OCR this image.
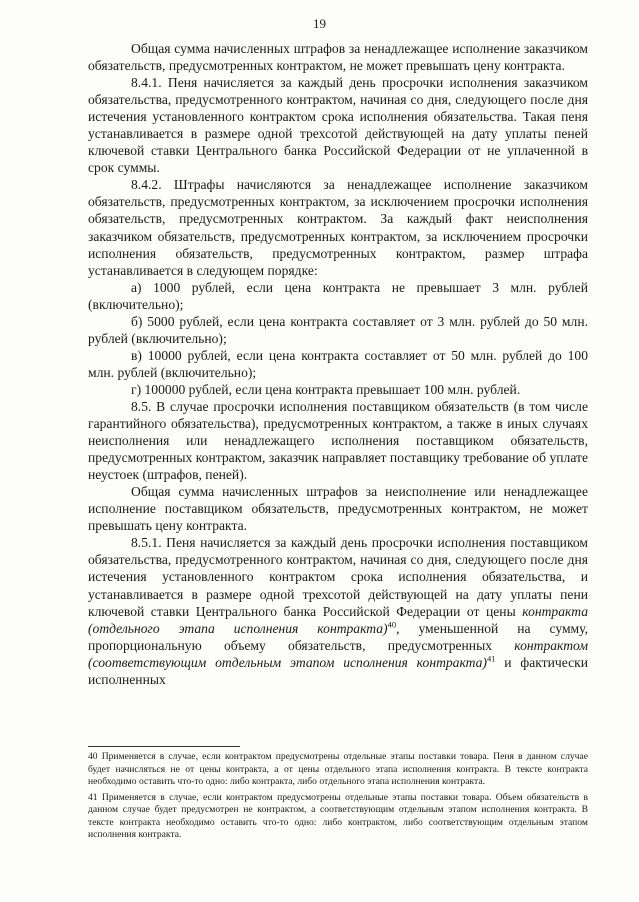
19

Общая сумма начисленных штрафов за ненадлежащее исполнение заказчиком обязательств, предусмотренных контрактом, не может превышать цену контракта.

8.4.1. Пеня начисляется за каждый день просрочки исполнения заказчиком обязательства, предусмотренного контрактом, начиная со дня, следующего после дня истечения установленного контрактом срока исполнения обязательства. Такая пеня устанавливается в размере одной трехсотой действующей на дату уплаты пеней ключевой ставки Центрального банка Российской Федерации от не уплаченной в срок суммы.

8.4.2. Штрафы начисляются за ненадлежащее исполнение заказчиком обязательств, предусмотренных контрактом, за исключением просрочки исполнения обязательств, предусмотренных контрактом. За каждый факт неисполнения заказчиком обязательств, предусмотренных контрактом, за исключением просрочки исполнения обязательств, предусмотренных контрактом, размер штрафа устанавливается в следующем порядке:

а) 1000 рублей, если цена контракта не превышает 3 млн. рублей (включительно);

б) 5000 рублей, если цена контракта составляет от 3 млн. рублей до 50 млн. рублей (включительно);

в) 10000 рублей, если цена контракта составляет от 50 млн. рублей до 100 млн. рублей (включительно);

г) 100000 рублей, если цена контракта превышает 100 млн. рублей.

8.5. В случае просрочки исполнения поставщиком обязательств (в том числе гарантийного обязательства), предусмотренных контрактом, а также в иных случаях неисполнения или ненадлежащего исполнения поставщиком обязательств, предусмотренных контрактом, заказчик направляет поставщику требование об уплате неустоек (штрафов, пеней).

Общая сумма начисленных штрафов за неисполнение или ненадлежащее исполнение поставщиком обязательств, предусмотренных контрактом, не может превышать цену контракта.

8.5.1. Пеня начисляется за каждый день просрочки исполнения поставщиком обязательства, предусмотренного контрактом, начиная со дня, следующего после дня истечения установленного контрактом срока исполнения обязательства, и устанавливается в размере одной трехсотой действующей на дату уплаты пени ключевой ставки Центрального банка Российской Федерации от цены контракта (отдельного этапа исполнения контракта)$^{40}$, уменьшенной на сумму, пропорциональную объему обязательств, предусмотренных контрактом (соответствующим отдельным этапом исполнения контракта)$^{41}$ и фактически исполненных

40 Применяется в случае, если контрактом предусмотрены отдельные этапы поставки товара. Пеня в данном случае будет начисляться не от цены контракта, а от цены отдельного этапа исполнения контракта. В тексте контракта необходимо оставить что-то одно: либо контракта, либо отдельного этапа исполнения контракта.

41 Применяется в случае, если контрактом предусмотрены отдельные этапы поставки товара. Объем обязательств в данном случае будет предусмотрен не контрактом, а соответствующим отдельным этапом исполнения контракта. В тексте контракта необходимо оставить что-то одно: либо контрактом, либо соответствующим отдельным этапом исполнения контракта.
